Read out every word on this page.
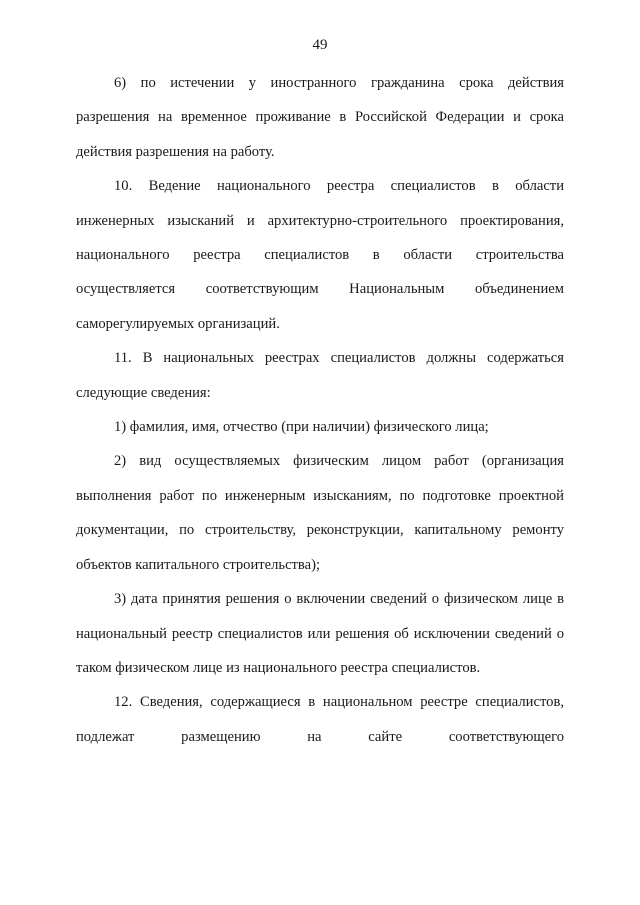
49

6) по истечении у иностранного гражданина срока действия разрешения на временное проживание в Российской Федерации и срока действия разрешения на работу.

10. Ведение национального реестра специалистов в области инженерных изысканий и архитектурно-строительного проектирования, национального реестра специалистов в области строительства осуществляется соответствующим Национальным объединением саморегулируемых организаций.

11. В национальных реестрах специалистов должны содержаться следующие сведения:

1) фамилия, имя, отчество (при наличии) физического лица;

2) вид осуществляемых физическим лицом работ (организация выполнения работ по инженерным изысканиям, по подготовке проектной документации, по строительству, реконструкции, капитальному ремонту объектов капитального строительства);

3) дата принятия решения о включении сведений о физическом лице в национальный реестр специалистов или решения об исключении сведений о таком физическом лице из национального реестра специалистов.

12. Сведения, содержащиеся в национальном реестре специалистов, подлежат размещению на сайте соответствующего
